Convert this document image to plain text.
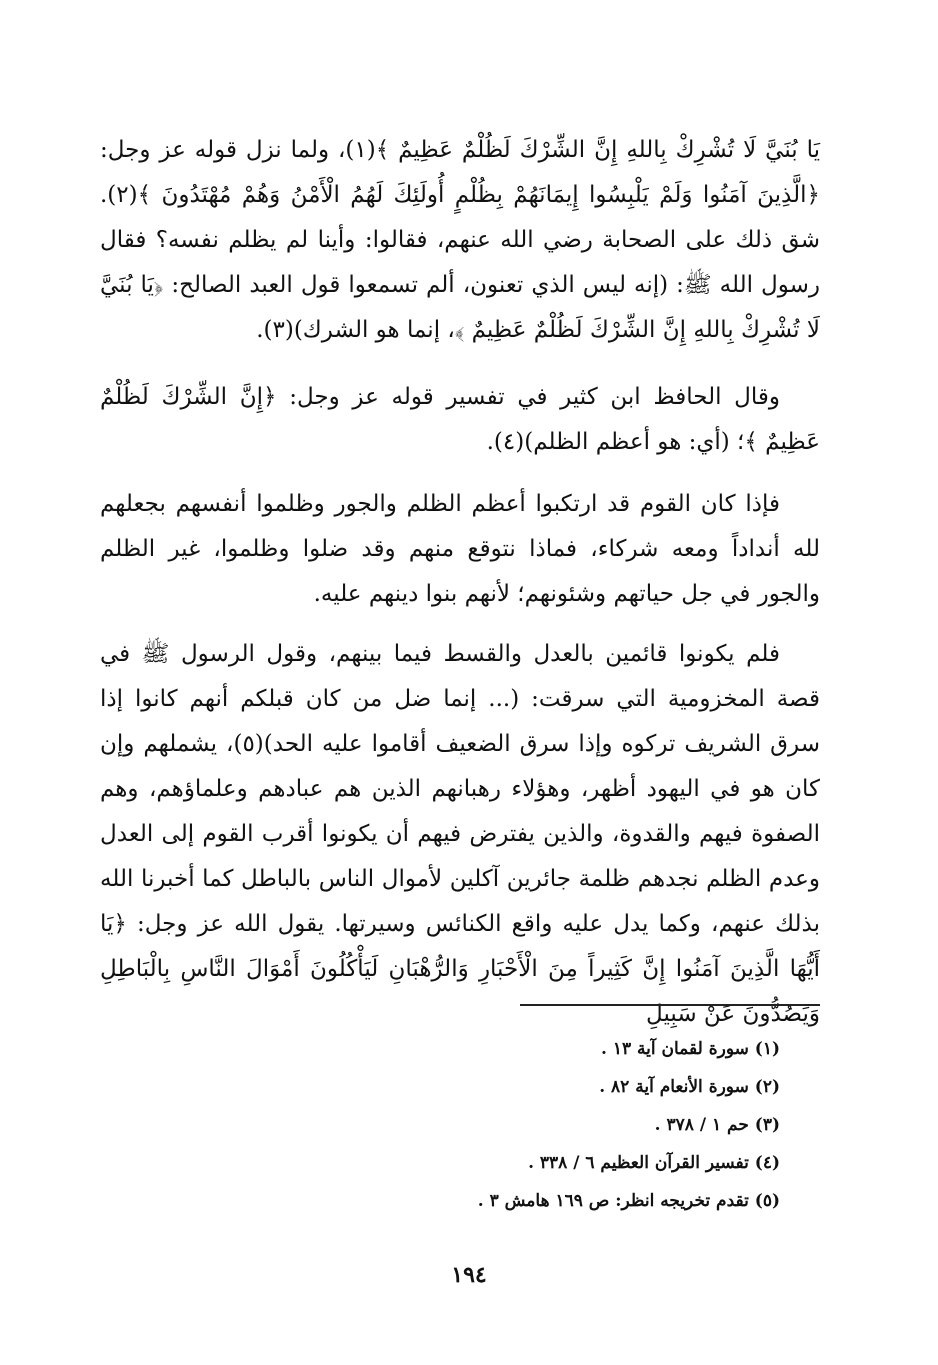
يَا بُنَيَّ لَا تُشْرِكْ بِاللهِ إِنَّ الشِّرْكَ لَظُلْمٌ عَظِيمٌ ﴾(١)، ولما نزل قوله عز وجل: ﴿الَّذِينَ آمَنُوا وَلَمْ يَلْبِسُوا إِيمَانَهُمْ بِظُلْمٍ أُولَئِكَ لَهُمُ الْأَمْنُ وَهُمْ مُهْتَدُونَ ﴾(٢). شق ذلك على الصحابة رضي الله عنهم، فقالوا: وأينا لم يظلم نفسه؟ فقال رسول الله ﷺ: (إنه ليس الذي تعنون، ألم تسمعوا قول العبد الصالح: ﴿يَا بُنَيَّ لَا تُشْرِكْ بِاللهِ إِنَّ الشِّرْكَ لَظُلْمٌ عَظِيمٌ ﴾، إنما هو الشرك)(٣).
وقال الحافظ ابن كثير في تفسير قوله عز وجل: ﴿إِنَّ الشِّرْكَ لَظُلْمٌ عَظِيمٌ ﴾؛ (أي: هو أعظم الظلم)(٤).
فإذا كان القوم قد ارتكبوا أعظم الظلم والجور وظلموا أنفسهم بجعلهم لله أنداداً ومعه شركاء، فماذا نتوقع منهم وقد ضلوا وظلموا، غير الظلم والجور في جل حياتهم وشئونهم؛ لأنهم بنوا دينهم عليه.
فلم يكونوا قائمين بالعدل والقسط فيما بينهم، وقول الرسول ﷺ في قصة المخزومية التي سرقت: (... إنما ضل من كان قبلكم أنهم كانوا إذا سرق الشريف تركوه وإذا سرق الضعيف أقاموا عليه الحد)(٥)، يشملهم وإن كان هو في اليهود أظهر، وهؤلاء رهبانهم الذين هم عبادهم وعلماؤهم، وهم الصفوة فيهم والقدوة، والذين يفترض فيهم أن يكونوا أقرب القوم إلى العدل وعدم الظلم نجدهم ظلمة جائرين آكلين لأموال الناس بالباطل كما أخبرنا الله بذلك عنهم، وكما يدل عليه واقع الكنائس وسيرتها. يقول الله عز وجل: ﴿يَا أَيُّهَا الَّذِينَ آمَنُوا إِنَّ كَثِيراً مِنَ الْأَحْبَارِ وَالرُّهْبَانِ لَيَأْكُلُونَ أَمْوَالَ النَّاسِ بِالْبَاطِلِ وَيَصُدُّونَ عَنْ سَبِيلِ
(١) سورة لقمان آية ١٣ .
(٢) سورة الأنعام آية ٨٢ .
(٣) حم ١ / ٣٧٨ .
(٤) تفسير القرآن العظيم ٦ / ٣٣٨ .
(٥) تقدم تخريجه انظر: ص ١٦٩ هامش ٣ .
١٩٤
